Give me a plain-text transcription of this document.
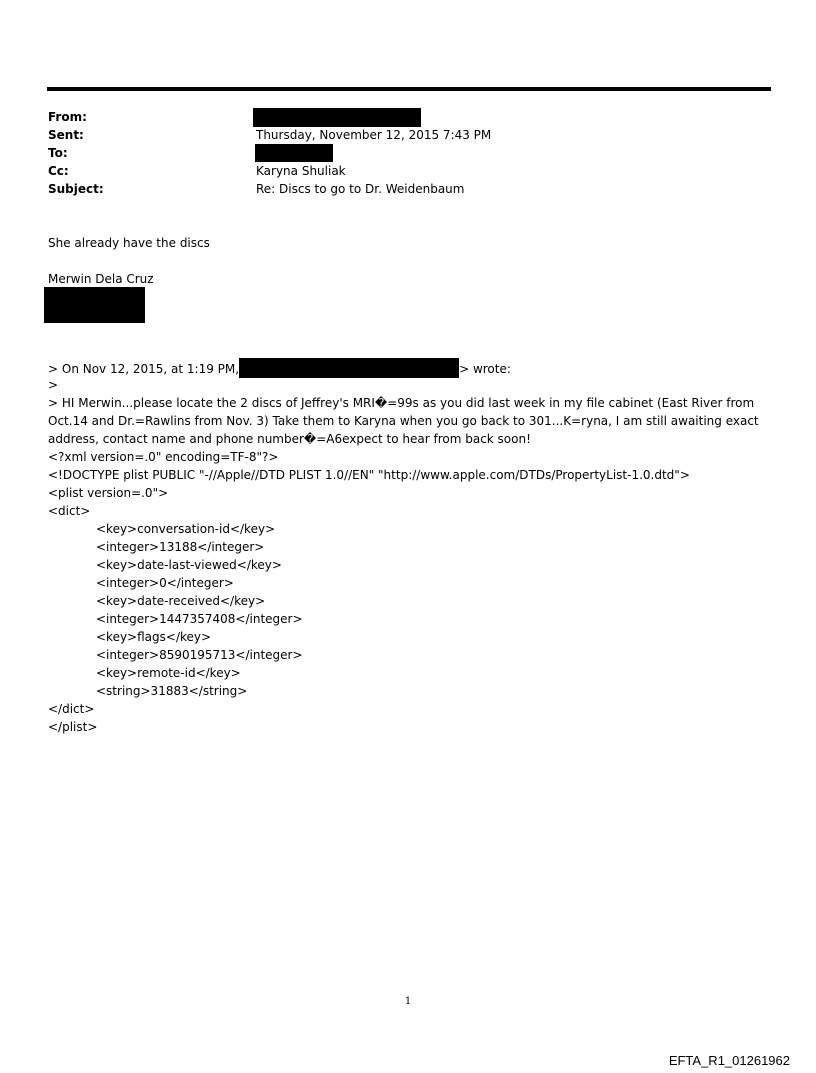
From:
Sent:	Thursday, November 12, 2015 7:43 PM
To:
Cc:	Karyna Shuliak
Subject:	Re: Discs to go to Dr. Weidenbaum
She already have the discs
Merwin Dela Cruz
> On Nov 12, 2015, at 1:19 PM,	> wrote:
>
> HI Merwin...please locate the 2 discs of Jeffrey's MRI�=99s as you did last week in my file cabinet (East River from
Oct.14 and Dr.=Rawlins from Nov. 3) Take them to Karyna when you go back to 301...K=ryna, I am still awaiting exact
address, contact name and phone number�=A6expect to hear from back soon!
<?xml version=.0" encoding=TF-8"?>
<!DOCTYPE plist PUBLIC "-//Apple//DTD PLIST 1.0//EN" "http://www.apple.com/DTDs/PropertyList-1.0.dtd">
<plist version=.0">
<dict>
<key>conversation-id</key>
<integer>13188</integer>
<key>date-last-viewed</key>
<integer>0</integer>
<key>date-received</key>
<integer>1447357408</integer>
<key>flags</key>
<integer>8590195713</integer>
<key>remote-id</key>
<string>31883</string>
</dict>
</plist>
1
EFTA_R1_01261962
